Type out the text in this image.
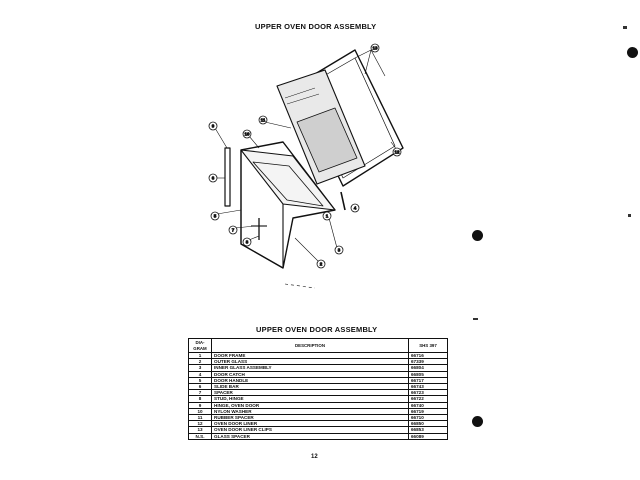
UPPER OVEN DOOR ASSEMBLY
13
11
12
10
9
6
5
7
8
4
3
2
1
UPPER OVEN DOOR ASSEMBLY
DIA-
GRAM	DESCRIPTION	SHS 397
1	DOOR FRAME	66716
2	OUTER GLASS	67339
3	INNER GLASS ASSEMBLY	66804
4	DOOR CATCH	66805
5	DOOR HANDLE	66717
6	SLIDE BAR	66743
7	SPACER	66723
8	STUD, HINGE	66722
9	HINGE, OVEN DOOR	66740
10	NYLON WASHER	66719
11	RUBBER SPACER	66710
12	OVEN DOOR LINER	66850
13	OVEN DOOR LINER CLIPS	66853
N.S.	GLASS SPACER	66089
12
